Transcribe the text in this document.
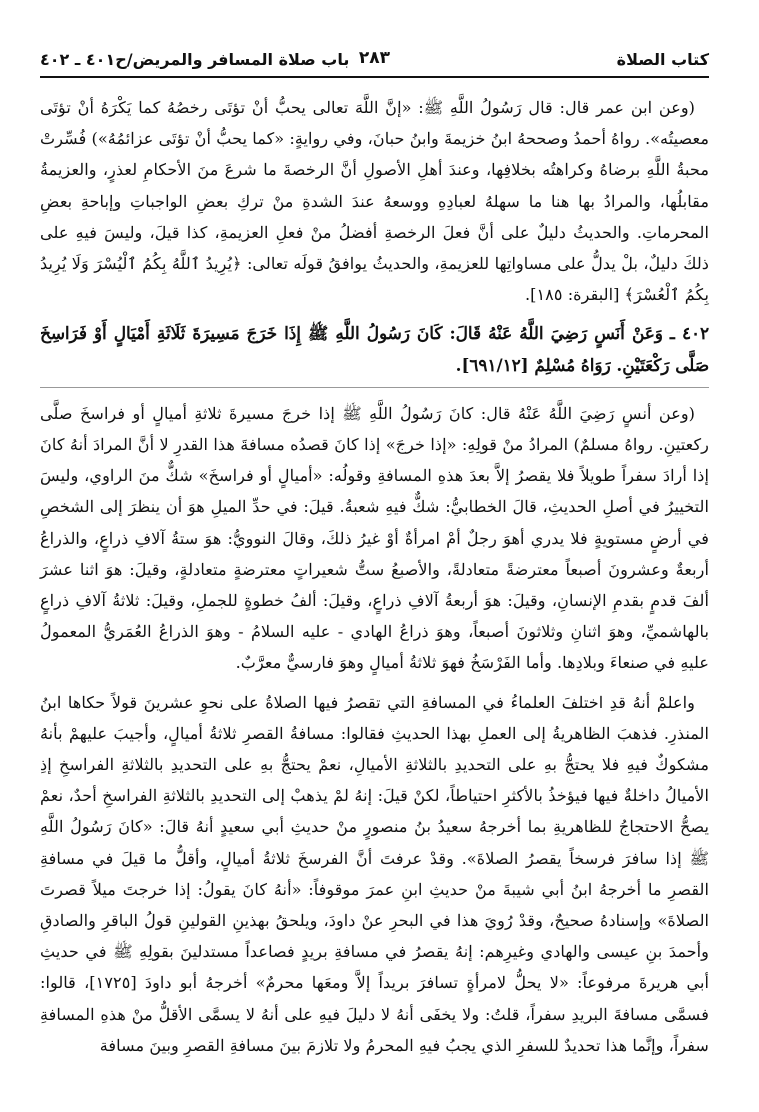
كتاب الصلاة
٢٨٣
باب صلاة المسافر والمريض/ح٤٠١ ـ ٤٠٢

(وعن ابن عمر قال: قال رَسُولُ اللَّهِ ﷺ: «إنَّ اللَّهَ تعالى يحبُّ أنْ تؤتَى رخصُهُ كما يَكْرَهُ أنْ تؤتَى معصيتُه». رواهُ أحمدُ وصححهُ ابنُ خزيمةَ وابنُ حبانَ، وفي روايةٍ: «كما يحبُّ أنْ تؤتَى عزائمُهُ») فُسِّرتْ محبةُ اللَّهِ برضاهُ وكراهتُه بخلافِها، وعندَ أهلِ الأصولِ أنَّ الرخصةَ ما شرعَ منَ الأحكامِ لعذرٍ، والعزيمةُ مقابلُها، والمرادُ بها هنا ما سهلهُ لعبادِهِ ووسعهُ عندَ الشدةِ منْ تركِ بعضِ الواجباتِ وإباحةِ بعضِ المحرماتِ. والحديثُ دليلٌ على أنَّ فعلَ الرخصةِ أفضلُ منْ فعلِ العزيمةِ، كذا قيلَ، وليسَ فيهِ على ذلكَ دليلٌ، بلْ يدلُّ على مساواتِها للعزيمةِ، والحديثُ يوافقُ قولَه تعالى: ﴿يُرِيدُ ٱللَّهُ بِكُمُ ٱلْيُسْرَ وَلَا يُرِيدُ بِكُمُ ٱلْعُسْرَ﴾ [البقرة: ١٨٥].

٤٠٢ ـ وَعَنْ أَنَسٍ رَضِيَ اللَّهُ عَنْهُ قَالَ: كَانَ رَسُولُ اللَّهِ ﷺ إِذَا خَرَجَ مَسِيرَةَ ثَلَاثَةِ أَمْيَالٍ أَوْ فَرَاسِخَ صَلَّى رَكْعَتَيْنِ. رَوَاهُ مُسْلِمٌ [٦٩١/١٢].

(وعن أنسٍ رَضِيَ اللَّهُ عَنْهُ قال: كانَ رَسُولُ اللَّهِ ﷺ إذا خرجَ مسيرةَ ثلاثةِ أميالٍ أو فراسخَ صلَّى ركعتينِ. رواهُ مسلمٌ) المرادُ منْ قولِهِ: «إذا خرجَ» إذا كانَ قصدُه مسافةَ هذا القدرِ لا أنَّ المرادَ أنهُ كانَ إذا أرادَ سفراً طويلاً فلا يقصرُ إلاَّ بعدَ هذهِ المسافةِ وقولُه: «أميالٍ أو فراسخَ» شكٌّ منَ الراوي، وليسَ التخييرُ في أصلِ الحديثِ، قالَ الخطابيُّ: شكٌّ فيهِ شعبةُ. قيلَ: في حدِّ الميلِ هوَ أن ينظرَ إلى الشخصِ في أرضٍ مستويةٍ فلا يدري أهوَ رجلٌ أمْ امرأةٌ أوْ غيرُ ذلكَ، وقالَ النوويُّ: هوَ ستةُ آلافِ ذراعٍ، والذراعُ أربعةٌ وعشرونَ أصبعاً معترضةً متعادلةً، والأصبعُ ستُّ شعيراتٍ معترضةٍ متعادلةٍ، وقيلَ: هوَ اثنا عشرَ ألفَ قدمٍ بقدمِ الإنسانِ، وقيلَ: هوَ أربعةُ آلافِ ذراعٍ، وقيلَ: ألفُ خطوةٍ للجملِ، وقيلَ: ثلاثةُ آلافِ ذراعٍ بالهاشميِّ، وهوَ اثنانِ وثلاثونَ أصبعاً، وهوَ ذراعُ الهادي - عليه السلامُ - وهوَ الذراعُ العُمَريُّ المعمولُ عليهِ في صنعاءَ وبلادِها. وأما الفَرْسَخُ فهوَ ثلاثةُ أميالٍ وهوَ فارسيٌّ معرَّبٌ.

واعلمْ أنهُ قدِ اختلفَ العلماءُ في المسافةِ التي تقصرُ فيها الصلاةُ على نحوِ عشرينَ قولاً حكاها ابنُ المنذرِ. فذهبَ الظاهريةُ إلى العملِ بهذا الحديثِ فقالوا: مسافةُ القصرِ ثلاثةُ أميالٍ، وأجيبَ عليهمْ بأنهُ مشكوكٌ فيهِ فلا يحتجُّ بهِ على التحديدِ بالثلاثةِ الأميالِ، نعمْ يحتجُّ بهِ على التحديدِ بالثلاثةِ الفراسخِ إذِ الأميالُ داخلةٌ فيها فيؤخذُ بالأكثرِ احتياطاً، لكنْ قيلَ: إنهُ لمْ يذهبْ إلى التحديدِ بالثلاثةِ الفراسخِ أحدٌ، نعمْ يصحُّ الاحتجاجُ للظاهريةِ بما أخرجهُ سعيدُ بنُ منصورٍ منْ حديثِ أبي سعيدٍ أنهُ قالَ: «كانَ رَسُولُ اللَّهِ ﷺ إذا سافرَ فرسخاً يقصرُ الصلاةَ». وقدْ عرفتَ أنَّ الفرسخَ ثلاثةُ أميالٍ، وأقلُّ ما قيلَ في مسافةِ القصرِ ما أخرجهُ ابنُ أبي شيبةَ منْ حديثِ ابنِ عمرَ موقوفاً: «أنهُ كانَ يقولُ: إذا خرجتَ ميلاً قصرتَ الصلاةَ» وإسنادهُ صحيحٌ، وقدْ رُويَ هذا في البحرِ عنْ داودَ، ويلحقُ بهذينِ القولينِ قولُ الباقرِ والصادقِ وأحمدَ بنِ عيسى والهادي وغيرِهم: إنهُ يقصرُ في مسافةِ بريدٍ فصاعداً مستدلينَ بقولِهِ ﷺ في حديثِ أبي هريرةَ مرفوعاً: «لا يحلُّ لامرأةٍ تسافرَ بريداً إلاَّ ومعَها محرمٌ» أخرجهُ أبو داودَ [١٧٢٥]، قالوا: فسمَّى مسافةَ البريدِ سفراً، قلتُ: ولا يخفَى أنهُ لا دليلَ فيهِ على أنهُ لا يسمَّى الأقلُّ منْ هذهِ المسافةِ سفراً، وإنَّما هذا تحديدٌ للسفرِ الذي يجبُ فيهِ المحرمُ ولا تلازمَ بينَ مسافةِ القصرِ وبينَ مسافة
